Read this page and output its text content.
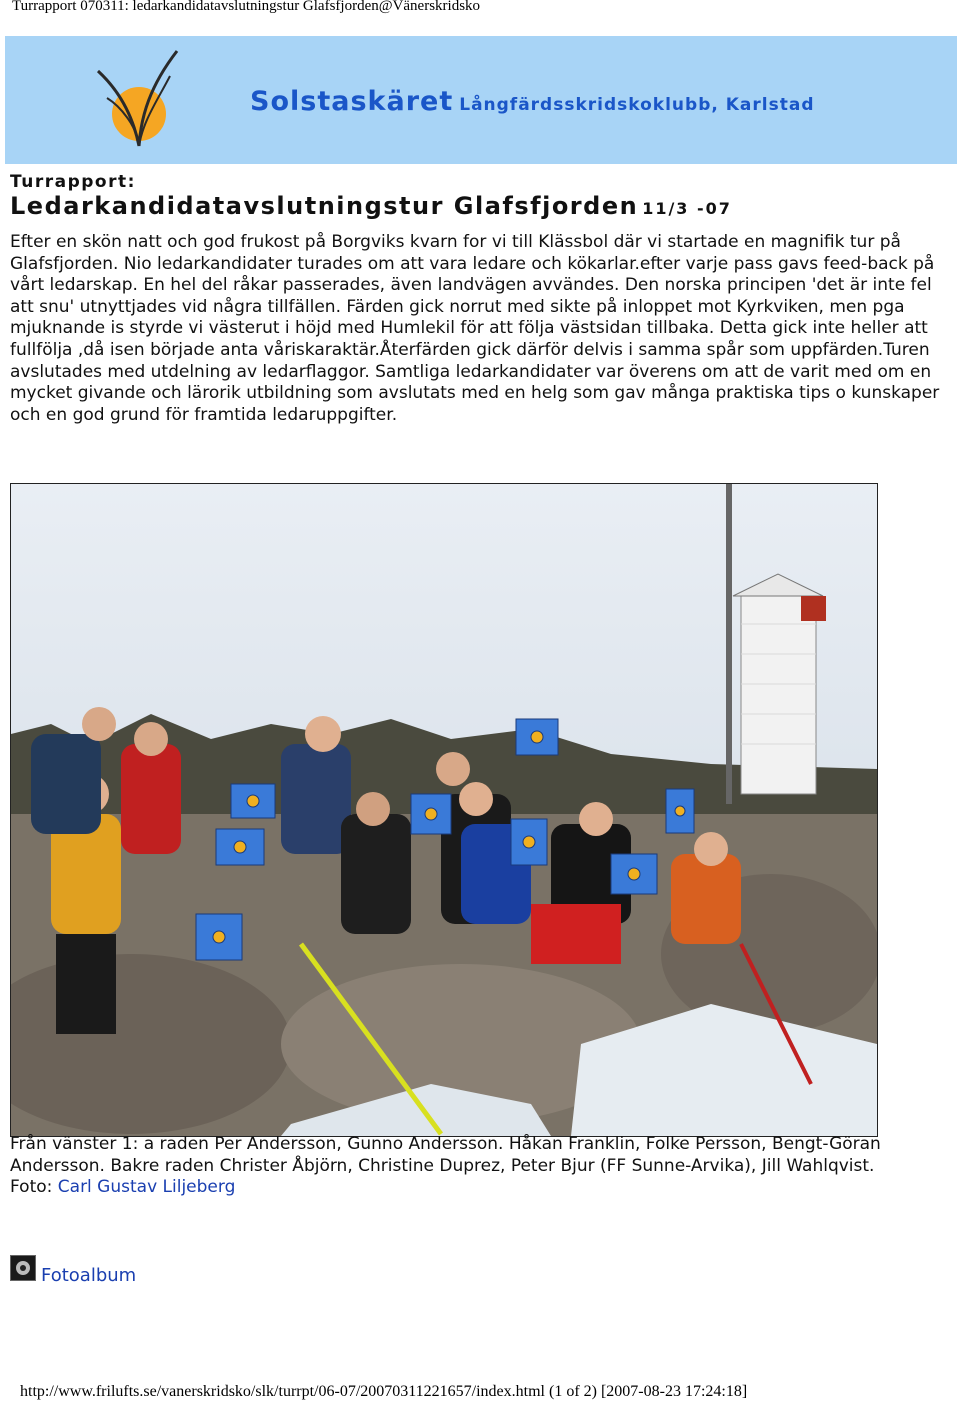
Turrapport 070311: ledarkandidatavslutningstur Glafsfjorden@Vänerskridsko
Solstaskäret Långfärdsskridskoklubb, Karlstad
Turrapport:
Ledarkandidatavslutningstur Glafsfjorden 11/3 -07
Efter en skön natt och god frukost på Borgviks kvarn for vi till Klässbol där vi startade en magnifik tur på Glafsfjorden. Nio ledarkandidater turades om att vara ledare och kökarlar.efter varje pass gavs feed-back på vårt ledarskap. En hel del råkar passerades, även landvägen avvändes. Den norska principen 'det är inte fel att snu' utnyttjades vid några tillfällen. Färden gick norrut med sikte på inloppet mot Kyrkviken, men pga mjuknande is styrde vi västerut i höjd med Humlekil för att följa västsidan tillbaka. Detta gick inte heller att fullfölja ,då isen började anta våriskaraktär.Återfärden gick därför delvis i samma spår som uppfärden.Turen avslutades med utdelning av ledarflaggor. Samtliga ledarkandidater var överens om att de varit med om en mycket givande och lärorik utbildning som avslutats med en helg som gav många praktiska tips o kunskaper och en god grund för framtida ledaruppgifter.
Från vänster 1: a raden Per Andersson, Gunno Andersson. Håkan Franklin, Folke Persson, Bengt-Göran Andersson. Bakre raden Christer Åbjörn, Christine Duprez, Peter Bjur (FF Sunne-Arvika), Jill Wahlqvist.
Foto: Carl Gustav Liljeberg
Fotoalbum
http://www.frilufts.se/vanerskridsko/slk/turrpt/06-07/20070311221657/index.html (1 of 2) [2007-08-23 17:24:18]
